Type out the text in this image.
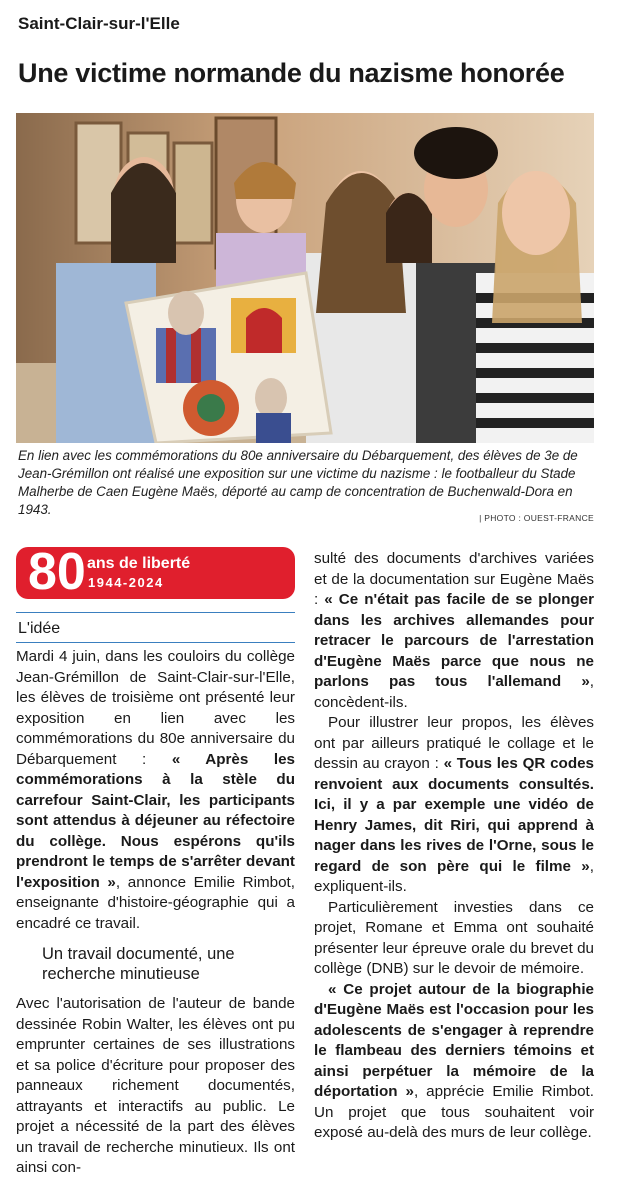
Saint-Clair-sur-l'Elle
Une victime normande du nazisme honorée
En lien avec les commémorations du 80e anniversaire du Débarquement, des élèves de 3e de Jean-Grémillon ont réalisé une exposition sur une victime du nazisme : le footballeur du Stade Malherbe de Caen Eugène Maës, déporté au camp de concentration de Buchenwald-Dora en 1943.
| PHOTO : OUEST-FRANCE
80 ans de liberté
1944-2024
L'idée

Mardi 4 juin, dans les couloirs du collège Jean-Grémillon de Saint-Clair-sur-l'Elle, les élèves de troisième ont présenté leur exposition en lien avec les commémorations du 80e anniversaire du Débarquement : « Après les commémorations à la stèle du carrefour Saint-Clair, les participants sont attendus à déjeuner au réfectoire du collège. Nous espérons qu'ils prendront le temps de s'arrêter devant l'exposition », annonce Emilie Rimbot, enseignante d'histoire-géographie qui a encadré ce travail.

Un travail documenté, une recherche minutieuse

Avec l'autorisation de l'auteur de bande dessinée Robin Walter, les élèves ont pu emprunter certaines de ses illustrations et sa police d'écriture pour proposer des panneaux richement documentés, attrayants et interactifs au public. Le projet a nécessité de la part des élèves un travail de recherche minutieux. Ils ont ainsi con-

sulté des documents d'archives variées et de la documentation sur Eugène Maës : « Ce n'était pas facile de se plonger dans les archives allemandes pour retracer le parcours de l'arrestation d'Eugène Maës parce que nous ne parlons pas tous l'allemand », concèdent-ils.

Pour illustrer leur propos, les élèves ont par ailleurs pratiqué le collage et le dessin au crayon : « Tous les QR codes renvoient aux documents consultés. Ici, il y a par exemple une vidéo de Henry James, dit Riri, qui apprend à nager dans les rives de l'Orne, sous le regard de son père qui le filme », expliquent-ils.

Particulièrement investies dans ce projet, Romane et Emma ont souhaité présenter leur épreuve orale du brevet du collège (DNB) sur le devoir de mémoire.

« Ce projet autour de la biographie d'Eugène Maës est l'occasion pour les adolescents de s'engager à reprendre le flambeau des derniers témoins et ainsi perpétuer la mémoire de la déportation », apprécie Emilie Rimbot. Un projet que tous souhaitent voir exposé au-delà des murs de leur collège.
